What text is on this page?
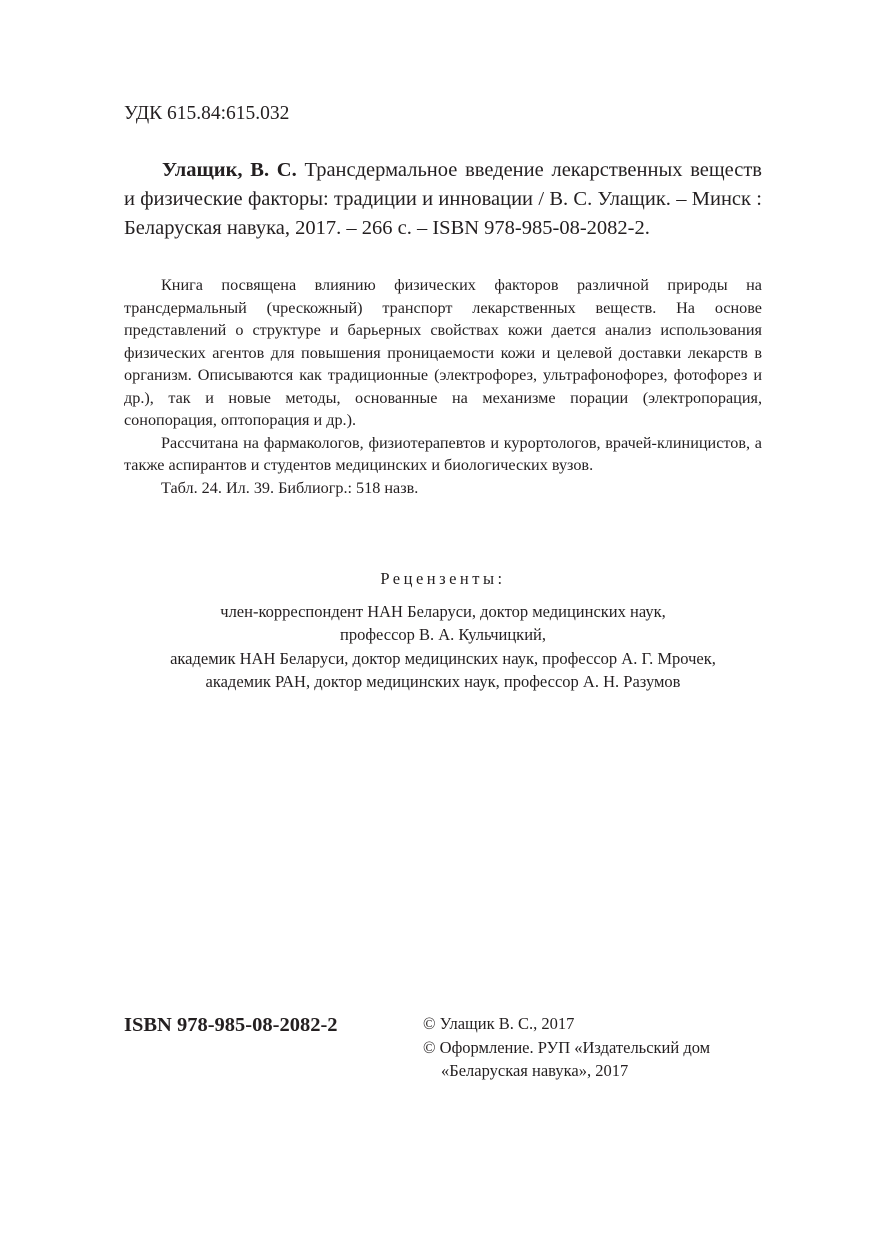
УДК 615.84:615.032

Улащик, В. С. Трансдермальное введение лекарственных веществ и физические факторы: традиции и инновации / В. С. Улащик. – Минск : Беларуская навука, 2017. – 266 с. – ISBN 978-985-08-2082-2.

Книга посвящена влиянию физических факторов различной природы на трансдермальный (чрескожный) транспорт лекарственных веществ. На основе представлений о структуре и барьерных свойствах кожи дается анализ использования физических агентов для повышения проницаемости кожи и целевой доставки лекарств в организм. Описываются как традиционные (электрофорез, ультрафонофорез, фотофорез и др.), так и новые методы, основанные на механизме порации (электропорация, сонопорация, оптопорация и др.).

Рассчитана на фармакологов, физиотерапевтов и курортологов, врачей-клиницистов, а также аспирантов и студентов медицинских и биологических вузов.

Табл. 24. Ил. 39. Библиогр.: 518 назв.

Рецензенты:
член-корреспондент НАН Беларуси, доктор медицинских наук,
профессор В. А. Кульчицкий,
академик НАН Беларуси, доктор медицинских наук, профессор А. Г. Мрочек,
академик РАН, доктор медицинских наук, профессор А. Н. Разумов
ISBN 978-985-08-2082-2	© Улащик В. С., 2017
© Оформление. РУП «Издательский дом
«Беларуская навука», 2017
